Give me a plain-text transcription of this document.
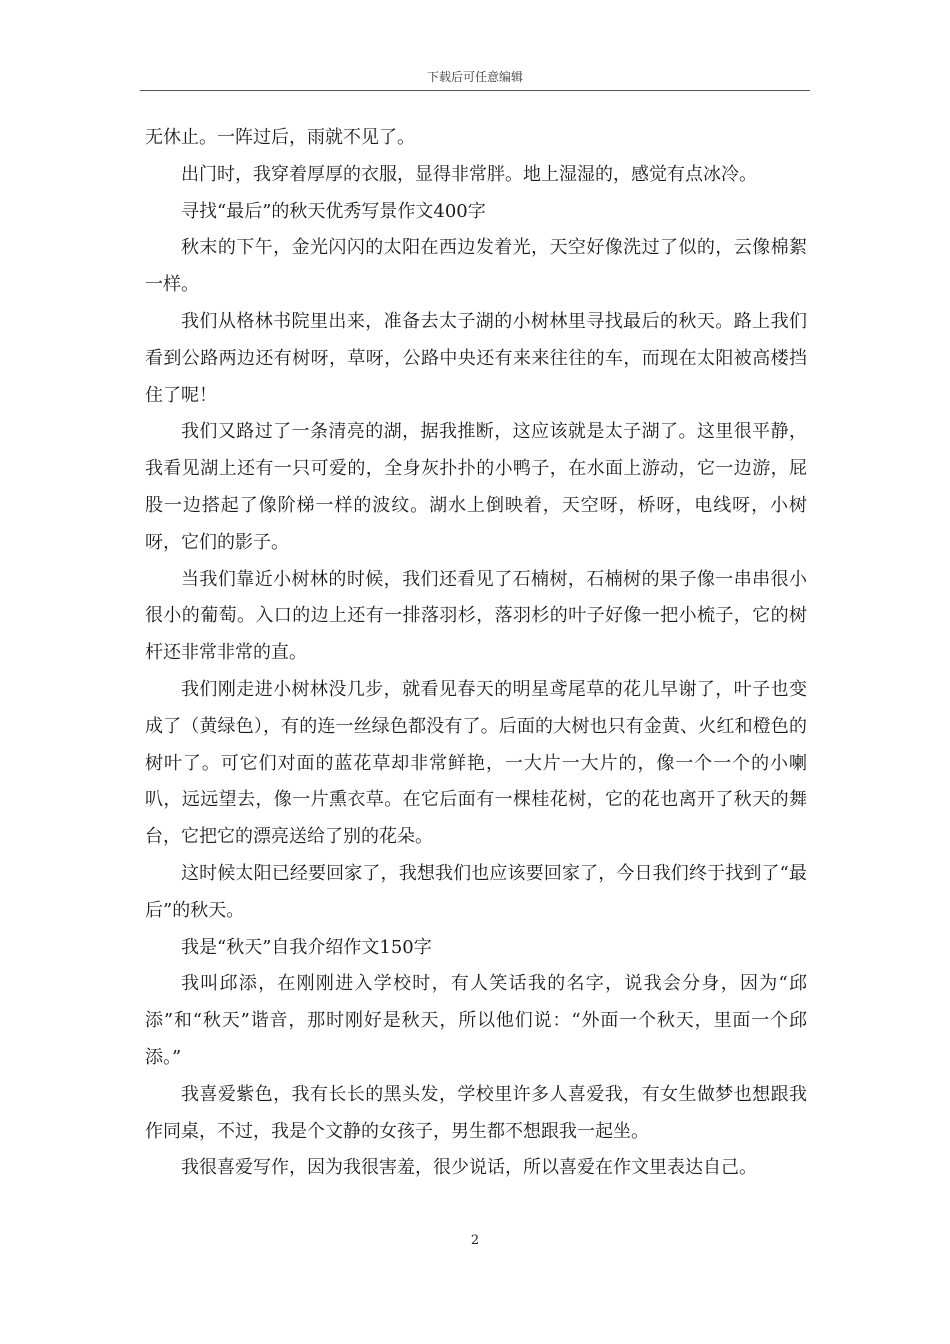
下载后可任意编辑

无休止。一阵过后，雨就不见了。

出门时，我穿着厚厚的衣服，显得非常胖。地上湿湿的，感觉有点冰冷。

寻找“最后”的秋天优秀写景作文400字

秋末的下午，金光闪闪的太阳在西边发着光，天空好像洗过了似的，云像棉絮一样。

我们从格林书院里出来，准备去太子湖的小树林里寻找最后的秋天。路上我们看到公路两边还有树呀，草呀，公路中央还有来来往往的车，而现在太阳被高楼挡住了呢！

我们又路过了一条清亮的湖，据我推断，这应该就是太子湖了。这里很平静，我看见湖上还有一只可爱的，全身灰扑扑的小鸭子，在水面上游动，它一边游，屁股一边搭起了像阶梯一样的波纹。湖水上倒映着，天空呀，桥呀，电线呀，小树呀，它们的影子。

当我们靠近小树林的时候，我们还看见了石楠树，石楠树的果子像一串串很小很小的葡萄。入口的边上还有一排落羽杉，落羽杉的叶子好像一把小梳子，它的树杆还非常非常的直。

我们刚走进小树林没几步，就看见春天的明星鸢尾草的花儿早谢了，叶子也变成了（黄绿色），有的连一丝绿色都没有了。后面的大树也只有金黄、火红和橙色的树叶了。可它们对面的蓝花草却非常鲜艳，一大片一大片的，像一个一个的小喇叭，远远望去，像一片熏衣草。在它后面有一棵桂花树，它的花也离开了秋天的舞台，它把它的漂亮送给了别的花朵。

这时候太阳已经要回家了，我想我们也应该要回家了，今日我们终于找到了“最后”的秋天。

我是“秋天”自我介绍作文150字

我叫邱添，在刚刚进入学校时，有人笑话我的名字，说我会分身，因为“邱添”和“秋天”谐音，那时刚好是秋天，所以他们说：“外面一个秋天，里面一个邱添。”

我喜爱紫色，我有长长的黑头发，学校里许多人喜爱我，有女生做梦也想跟我作同桌，不过，我是个文静的女孩子，男生都不想跟我一起坐。

我很喜爱写作，因为我很害羞，很少说话，所以喜爱在作文里表达自己。

2
